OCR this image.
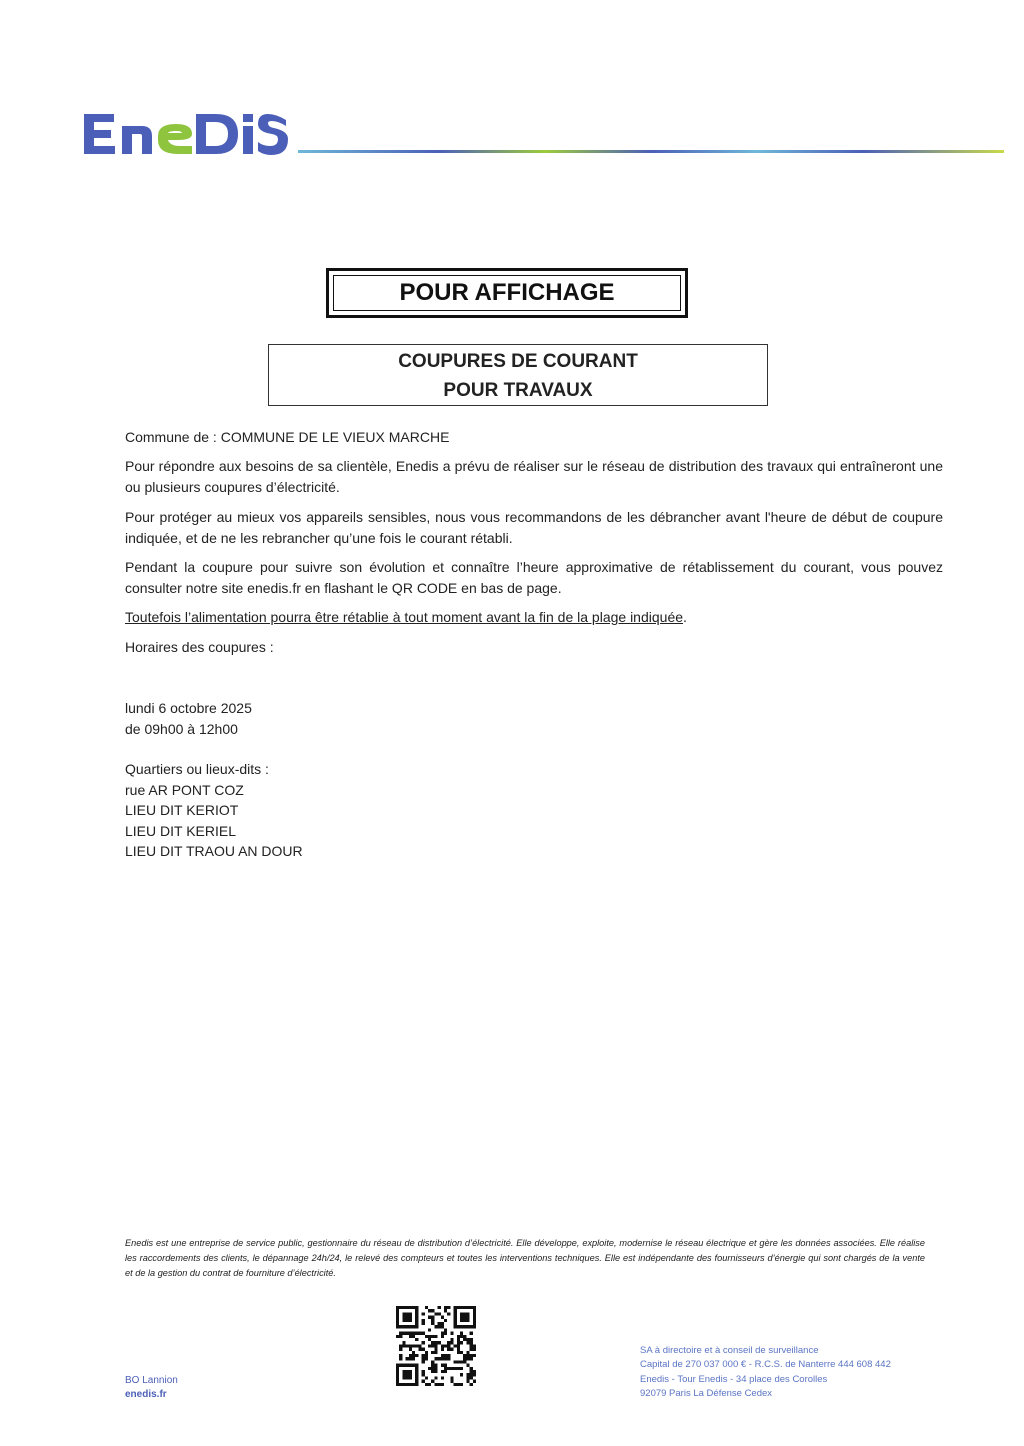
POUR AFFICHAGE
COUPURES DE COURANT
POUR TRAVAUX
Commune de : COMMUNE DE LE VIEUX MARCHE
Pour répondre aux besoins de sa clientèle, Enedis a prévu de réaliser sur le réseau de distribution des travaux qui entraîneront une ou plusieurs coupures d’électricité.
Pour protéger au mieux vos appareils sensibles, nous vous recommandons de les débrancher avant l'heure de début de coupure indiquée, et de ne les rebrancher qu’une fois le courant rétabli.
Pendant la coupure pour suivre son évolution et connaître l’heure approximative de rétablissement du courant, vous pouvez consulter notre site enedis.fr en flashant le QR CODE en bas de page.
Toutefois l’alimentation pourra être rétablie à tout moment avant la fin de la plage indiquée.
Horaires des coupures :
lundi 6 octobre 2025
de 09h00 à 12h00
Quartiers ou lieux-dits :
rue AR PONT COZ
LIEU DIT KERIOT
LIEU DIT KERIEL
LIEU DIT TRAOU AN DOUR
Enedis est une entreprise de service public, gestionnaire du réseau de distribution d’électricité. Elle développe, exploite, modernise le réseau électrique et gère les données associées. Elle réalise les raccordements des clients, le dépannage 24h/24, le relevé des compteurs et toutes les interventions techniques. Elle est indépendante des fournisseurs d’énergie qui sont chargés de la vente et de la gestion du contrat de fourniture d’électricité.
BO Lannion
enedis.fr
SA à directoire et à conseil de surveillance
Capital de 270 037 000 € - R.C.S. de Nanterre 444 608 442
Enedis - Tour Enedis - 34 place des Corolles
92079 Paris La Défense Cedex
